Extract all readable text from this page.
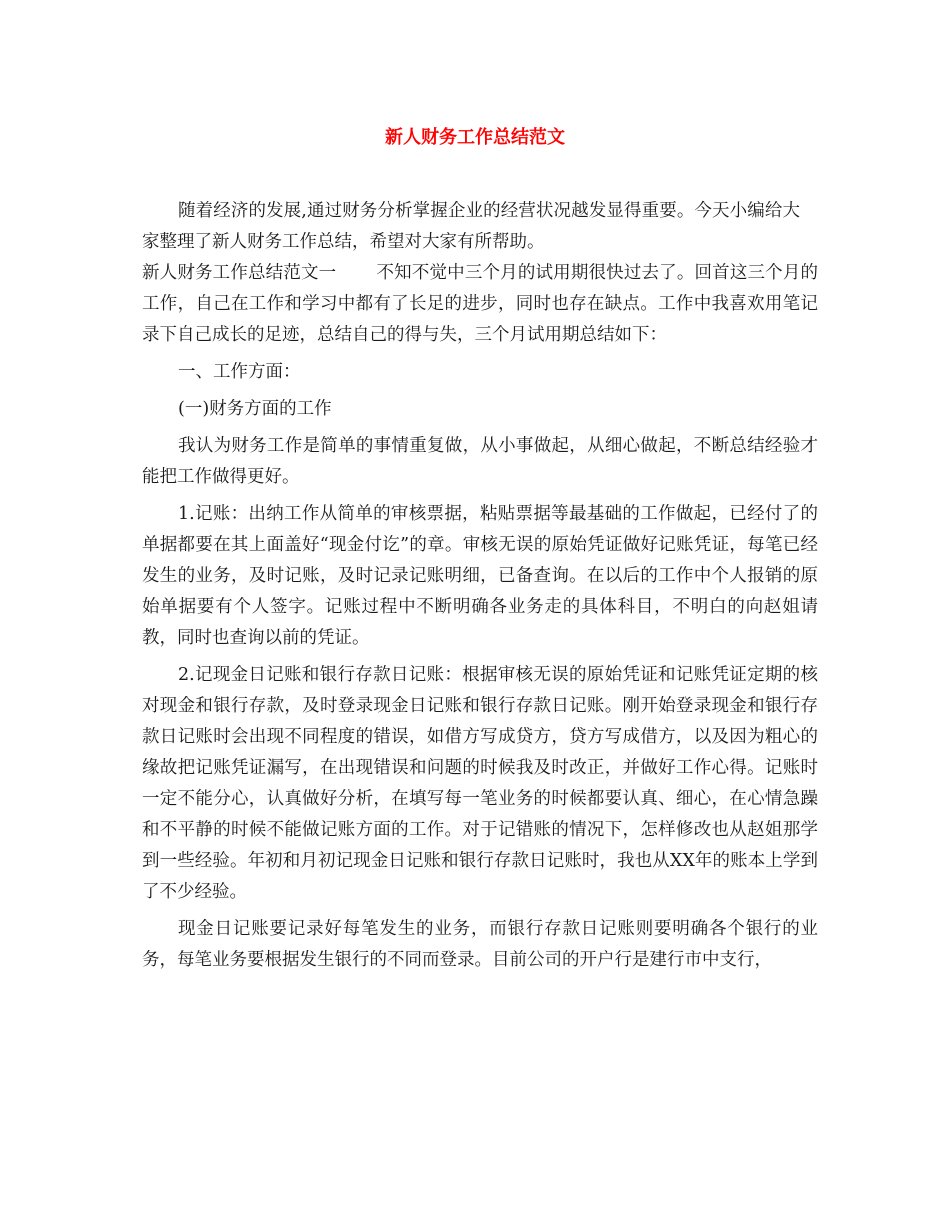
新人财务工作总结范文

随着经济的发展,通过财务分析掌握企业的经营状况越发显得重要。今天小编给大家整理了新人财务工作总结，希望对大家有所帮助。

新人财务工作总结范文一 不知不觉中三个月的试用期很快过去了。回首这三个月的工作，自己在工作和学习中都有了长足的进步，同时也存在缺点。工作中我喜欢用笔记录下自己成长的足迹，总结自己的得与失，三个月试用期总结如下：

一、工作方面：

(一)财务方面的工作

我认为财务工作是简单的事情重复做，从小事做起，从细心做起，不断总结经验才能把工作做得更好。

1.记账：出纳工作从简单的审核票据，粘贴票据等最基础的工作做起，已经付了的单据都要在其上面盖好“现金付讫”的章。审核无误的原始凭证做好记账凭证，每笔已经发生的业务，及时记账，及时记录记账明细，已备查询。在以后的工作中个人报销的原始单据要有个人签字。记账过程中不断明确各业务走的具体科目，不明白的向赵姐请教，同时也查询以前的凭证。

2.记现金日记账和银行存款日记账：根据审核无误的原始凭证和记账凭证定期的核对现金和银行存款，及时登录现金日记账和银行存款日记账。刚开始登录现金和银行存款日记账时会出现不同程度的错误，如借方写成贷方，贷方写成借方，以及因为粗心的缘故把记账凭证漏写，在出现错误和问题的时候我及时改正，并做好工作心得。记账时一定不能分心，认真做好分析，在填写每一笔业务的时候都要认真、细心，在心情急躁和不平静的时候不能做记账方面的工作。对于记错账的情况下，怎样修改也从赵姐那学到一些经验。年初和月初记现金日记账和银行存款日记账时，我也从XX年的账本上学到了不少经验。

现金日记账要记录好每笔发生的业务，而银行存款日记账则要明确各个银行的业务，每笔业务要根据发生银行的不同而登录。目前公司的开户行是建行市中支行，
